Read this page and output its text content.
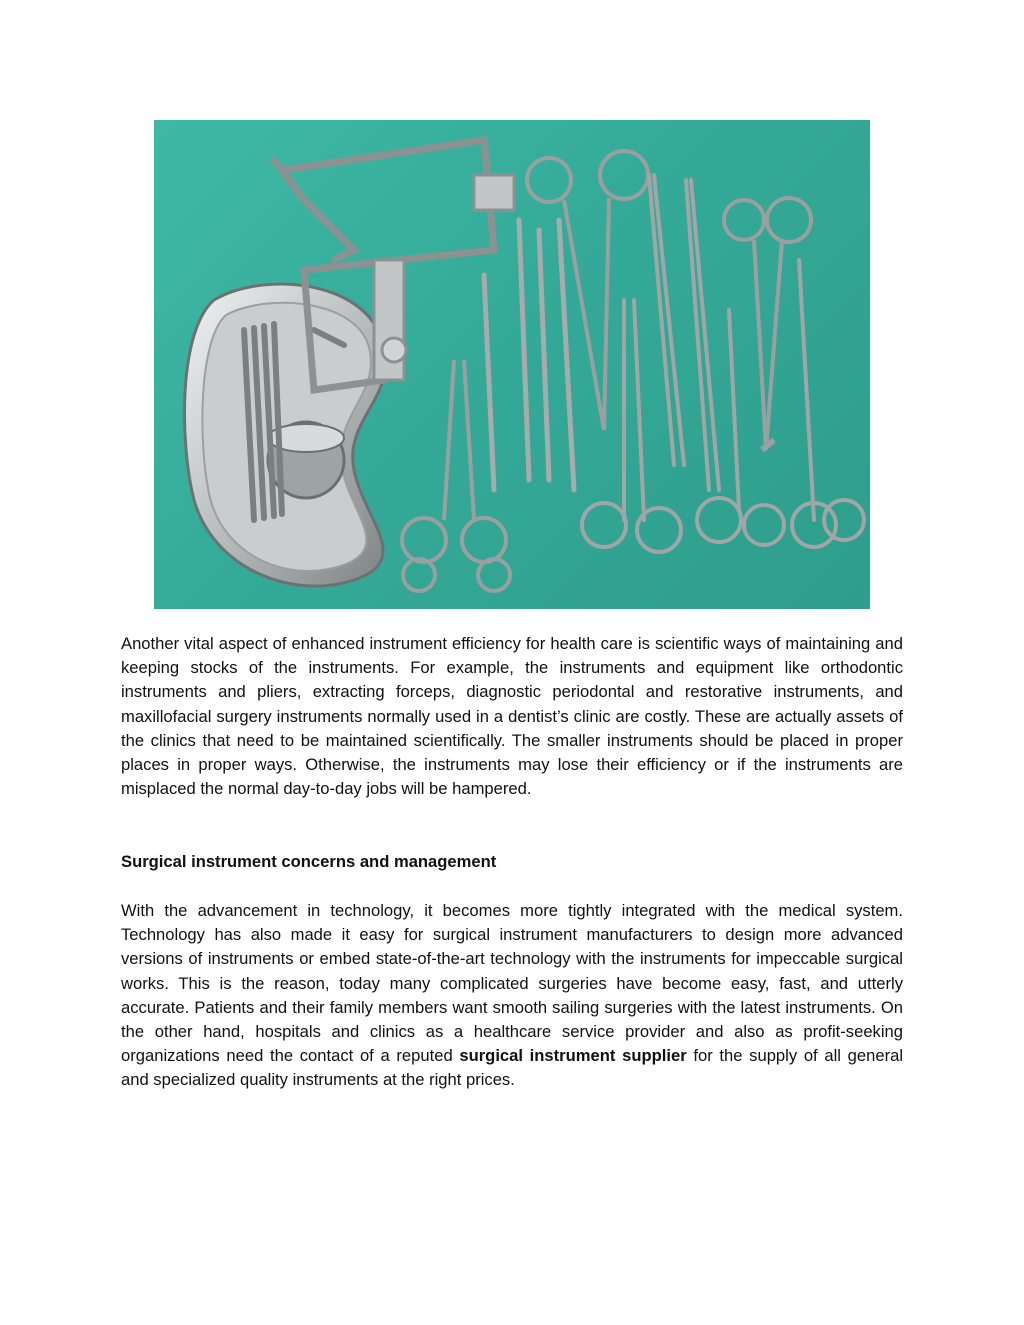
Another vital aspect of enhanced instrument efficiency for health care is scientific ways of maintaining and keeping stocks of the instruments. For example, the instruments and equipment like orthodontic instruments and pliers, extracting forceps, diagnostic periodontal and restorative instruments, and maxillofacial surgery instruments normally used in a dentist’s clinic are costly. These are actually assets of the clinics that need to be maintained scientifically. The smaller instruments should be placed in proper places in proper ways. Otherwise, the instruments may lose their efficiency or if the instruments are misplaced the normal day-to-day jobs will be hampered.
Surgical instrument concerns and management
With the advancement in technology, it becomes more tightly integrated with the medical system. Technology has also made it easy for surgical instrument manufacturers to design more advanced versions of instruments or embed state-of-the-art technology with the instruments for impeccable surgical works. This is the reason, today many complicated surgeries have become easy, fast, and utterly accurate. Patients and their family members want smooth sailing surgeries with the latest instruments. On the other hand, hospitals and clinics as a healthcare service provider and also as profit-seeking organizations need the contact of a reputed surgical instrument supplier for the supply of all general and specialized quality instruments at the right prices.
